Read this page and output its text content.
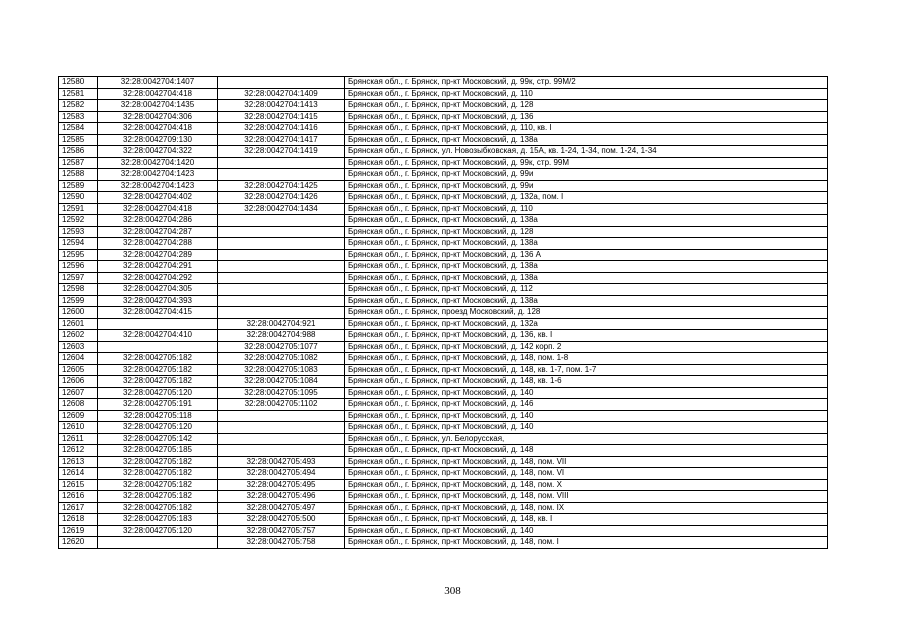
12580	32:28:0042704:1407		Брянская обл., г. Брянск, пр-кт Московский, д. 99к, стр. 99М/2
12581	32:28:0042704:418	32:28:0042704:1409	Брянская обл., г. Брянск, пр-кт Московский, д. 110
12582	32:28:0042704:1435	32:28:0042704:1413	Брянская обл., г. Брянск, пр-кт Московский, д. 128
12583	32:28:0042704:306	32:28:0042704:1415	Брянская обл., г. Брянск, пр-кт Московский, д. 136
12584	32:28:0042704:418	32:28:0042704:1416	Брянская обл., г. Брянск, пр-кт Московский, д. 110, кв. I
12585	32:28:0042709:130	32:28:0042704:1417	Брянская обл., г. Брянск, пр-кт Московский, д. 138а
12586	32:28:0042704:322	32:28:0042704:1419	Брянская обл., г. Брянск, ул. Новозыбковская, д. 15А, кв. 1-24, 1-34, пом. 1-24, 1-34
12587	32:28:0042704:1420		Брянская обл., г. Брянск, пр-кт Московский, д. 99к, стр. 99М
12588	32:28:0042704:1423		Брянская обл., г. Брянск, пр-кт Московский, д. 99и
12589	32:28:0042704:1423	32:28:0042704:1425	Брянская обл., г. Брянск, пр-кт Московский, д. 99и
12590	32:28:0042704:402	32:28:0042704:1426	Брянская обл., г. Брянск, пр-кт Московский, д. 132а, пом. I
12591	32:28:0042704:418	32:28:0042704:1434	Брянская обл., г. Брянск, пр-кт Московский, д. 110
12592	32:28:0042704:286		Брянская обл., г. Брянск, пр-кт Московский, д. 138а
12593	32:28:0042704:287		Брянская обл., г. Брянск, пр-кт Московский, д. 128
12594	32:28:0042704:288		Брянская обл., г. Брянск, пр-кт Московский, д. 138а
12595	32:28:0042704:289		Брянская обл., г. Брянск, пр-кт Московский, д. 136 А
12596	32:28:0042704:291		Брянская обл., г. Брянск, пр-кт Московский, д. 138а
12597	32:28:0042704:292		Брянская обл., г. Брянск, пр-кт Московский, д. 138а
12598	32:28:0042704:305		Брянская обл., г. Брянск, пр-кт Московский, д. 112
12599	32:28:0042704:393		Брянская обл., г. Брянск, пр-кт Московский, д. 138а
12600	32:28:0042704:415		Брянская обл., г. Брянск, проезд Московский, д. 128
12601		32:28:0042704:921	Брянская обл., г. Брянск, пр-кт Московский, д. 132а
12602	32:28:0042704:410	32:28:0042704:988	Брянская обл., г. Брянск, пр-кт Московский, д. 136, кв. I
12603		32:28:0042705:1077	Брянская обл., г. Брянск, пр-кт Московский, д. 142 корп. 2
12604	32:28:0042705:182	32:28:0042705:1082	Брянская обл., г. Брянск, пр-кт Московский, д. 148, пом. 1-8
12605	32:28:0042705:182	32:28:0042705:1083	Брянская обл., г. Брянск, пр-кт Московский, д. 148, кв. 1-7, пом. 1-7
12606	32:28:0042705:182	32:28:0042705:1084	Брянская обл., г. Брянск, пр-кт Московский, д. 148, кв. 1-6
12607	32:28:0042705:120	32:28:0042705:1095	Брянская обл., г. Брянск, пр-кт Московский, д. 140
12608	32:28:0042705:191	32:28:0042705:1102	Брянская обл., г. Брянск, пр-кт Московский, д. 146
12609	32:28:0042705:118		Брянская обл., г. Брянск, пр-кт Московский, д. 140
12610	32:28:0042705:120		Брянская обл., г. Брянск, пр-кт Московский, д. 140
12611	32:28:0042705:142		Брянская обл., г. Брянск, ул. Белорусская,
12612	32:28:0042705:185		Брянская обл., г. Брянск, пр-кт Московский, д. 148
12613	32:28:0042705:182	32:28:0042705:493	Брянская обл., г. Брянск, пр-кт Московский, д. 148, пом. VII
12614	32:28:0042705:182	32:28:0042705:494	Брянская обл., г. Брянск, пр-кт Московский, д. 148, пом. VI
12615	32:28:0042705:182	32:28:0042705:495	Брянская обл., г. Брянск, пр-кт Московский, д. 148, пом. X
12616	32:28:0042705:182	32:28:0042705:496	Брянская обл., г. Брянск, пр-кт Московский, д. 148, пом. VIII
12617	32:28:0042705:182	32:28:0042705:497	Брянская обл., г. Брянск, пр-кт Московский, д. 148, пом. IX
12618	32:28:0042705:183	32:28:0042705:500	Брянская обл., г. Брянск, пр-кт Московский, д. 148, кв. I
12619	32:28:0042705:120	32:28:0042705:757	Брянская обл., г. Брянск, пр-кт Московский, д. 140
12620		32:28:0042705:758	Брянская обл., г. Брянск, пр-кт Московский, д. 148, пом. I
308
